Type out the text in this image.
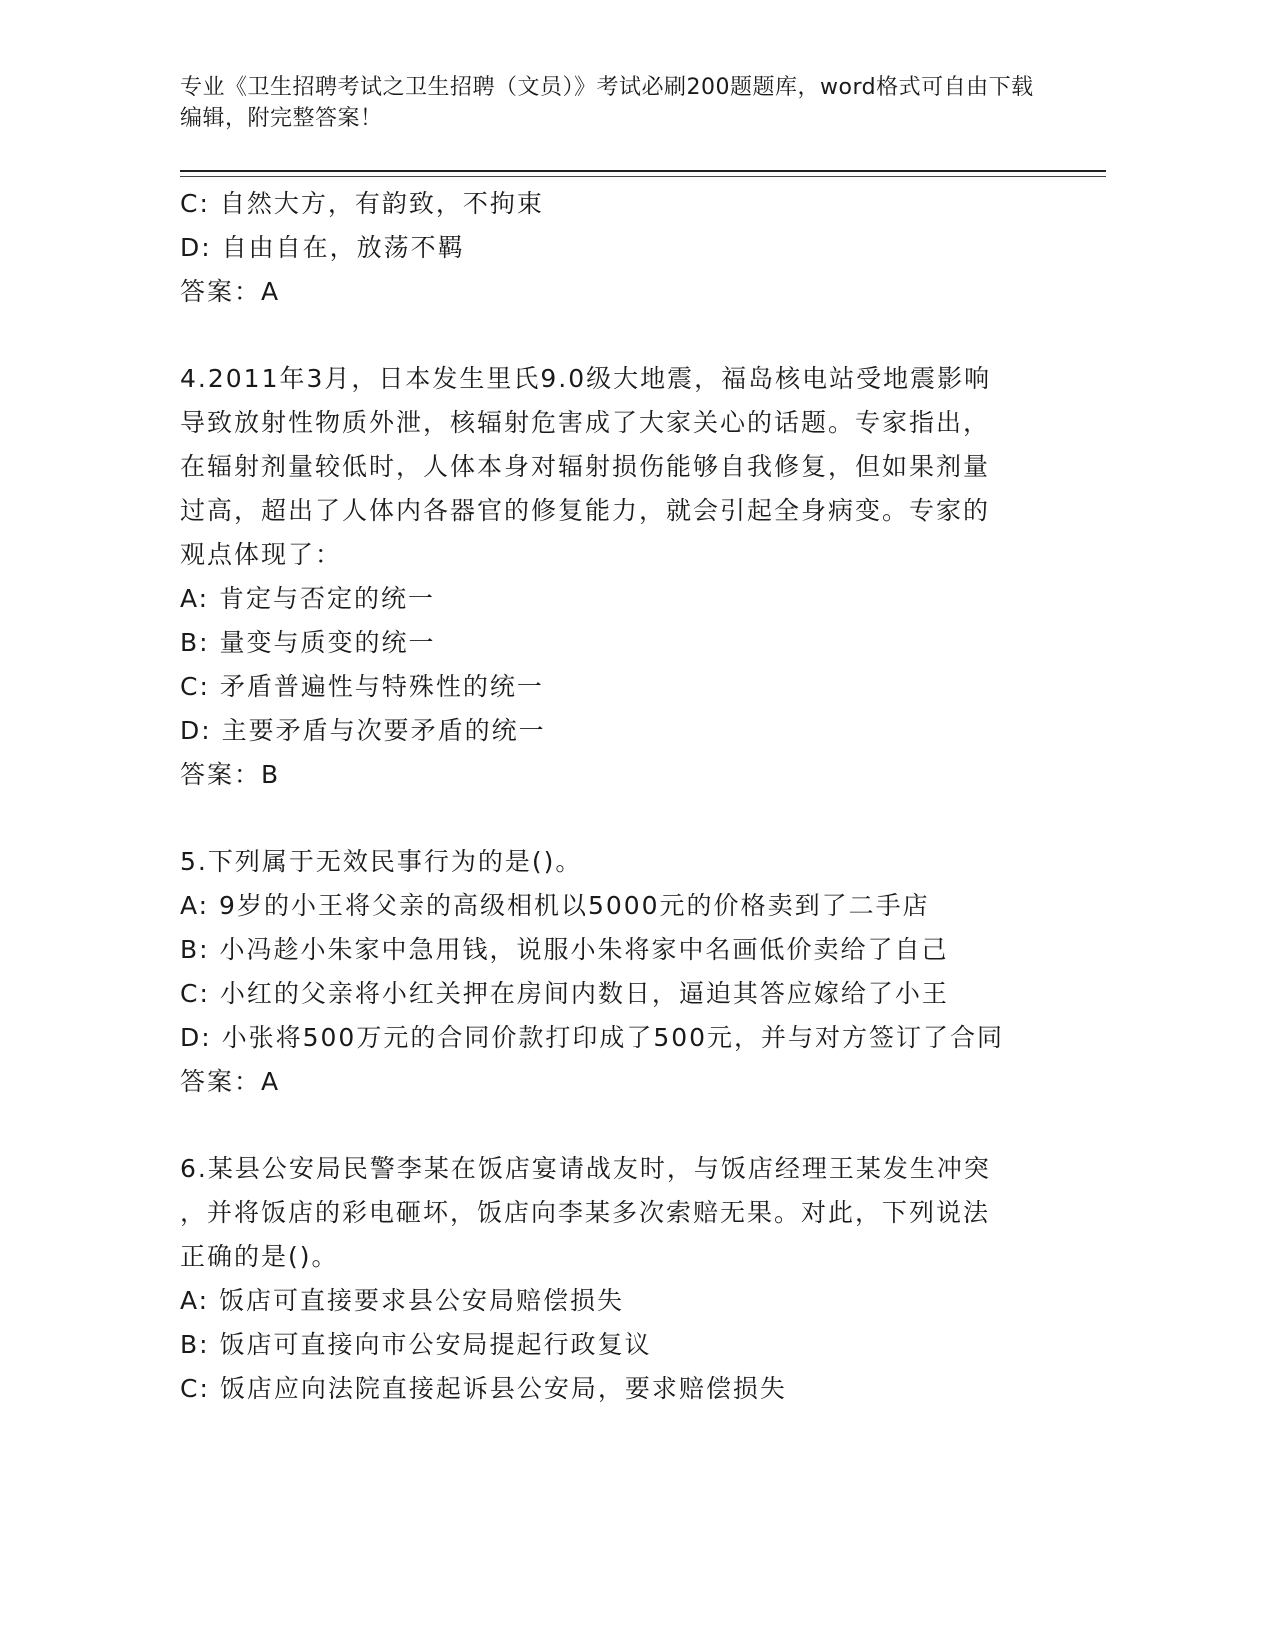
专业《卫生招聘考试之卫生招聘（文员）》考试必刷200题题库，word格式可自由下载编辑，附完整答案！
C: 自然大方，有韵致，不拘束
D: 自由自在，放荡不羁
答案：A
4.2011年3月，日本发生里氏9.0级大地震，福岛核电站受地震影响
导致放射性物质外泄，核辐射危害成了大家关心的话题。专家指出，
在辐射剂量较低时，人体本身对辐射损伤能够自我修复，但如果剂量
过高，超出了人体内各器官的修复能力，就会引起全身病变。专家的
观点体现了：
A: 肯定与否定的统一
B: 量变与质变的统一
C: 矛盾普遍性与特殊性的统一
D: 主要矛盾与次要矛盾的统一
答案：B
5.下列属于无效民事行为的是()。
A: 9岁的小王将父亲的高级相机以5000元的价格卖到了二手店
B: 小冯趁小朱家中急用钱，说服小朱将家中名画低价卖给了自己
C: 小红的父亲将小红关押在房间内数日，逼迫其答应嫁给了小王
D: 小张将500万元的合同价款打印成了500元，并与对方签订了合同
答案：A
6.某县公安局民警李某在饭店宴请战友时，与饭店经理王某发生冲突
，并将饭店的彩电砸坏，饭店向李某多次索赔无果。对此，下列说法
正确的是()。
A: 饭店可直接要求县公安局赔偿损失
B: 饭店可直接向市公安局提起行政复议
C: 饭店应向法院直接起诉县公安局，要求赔偿损失
